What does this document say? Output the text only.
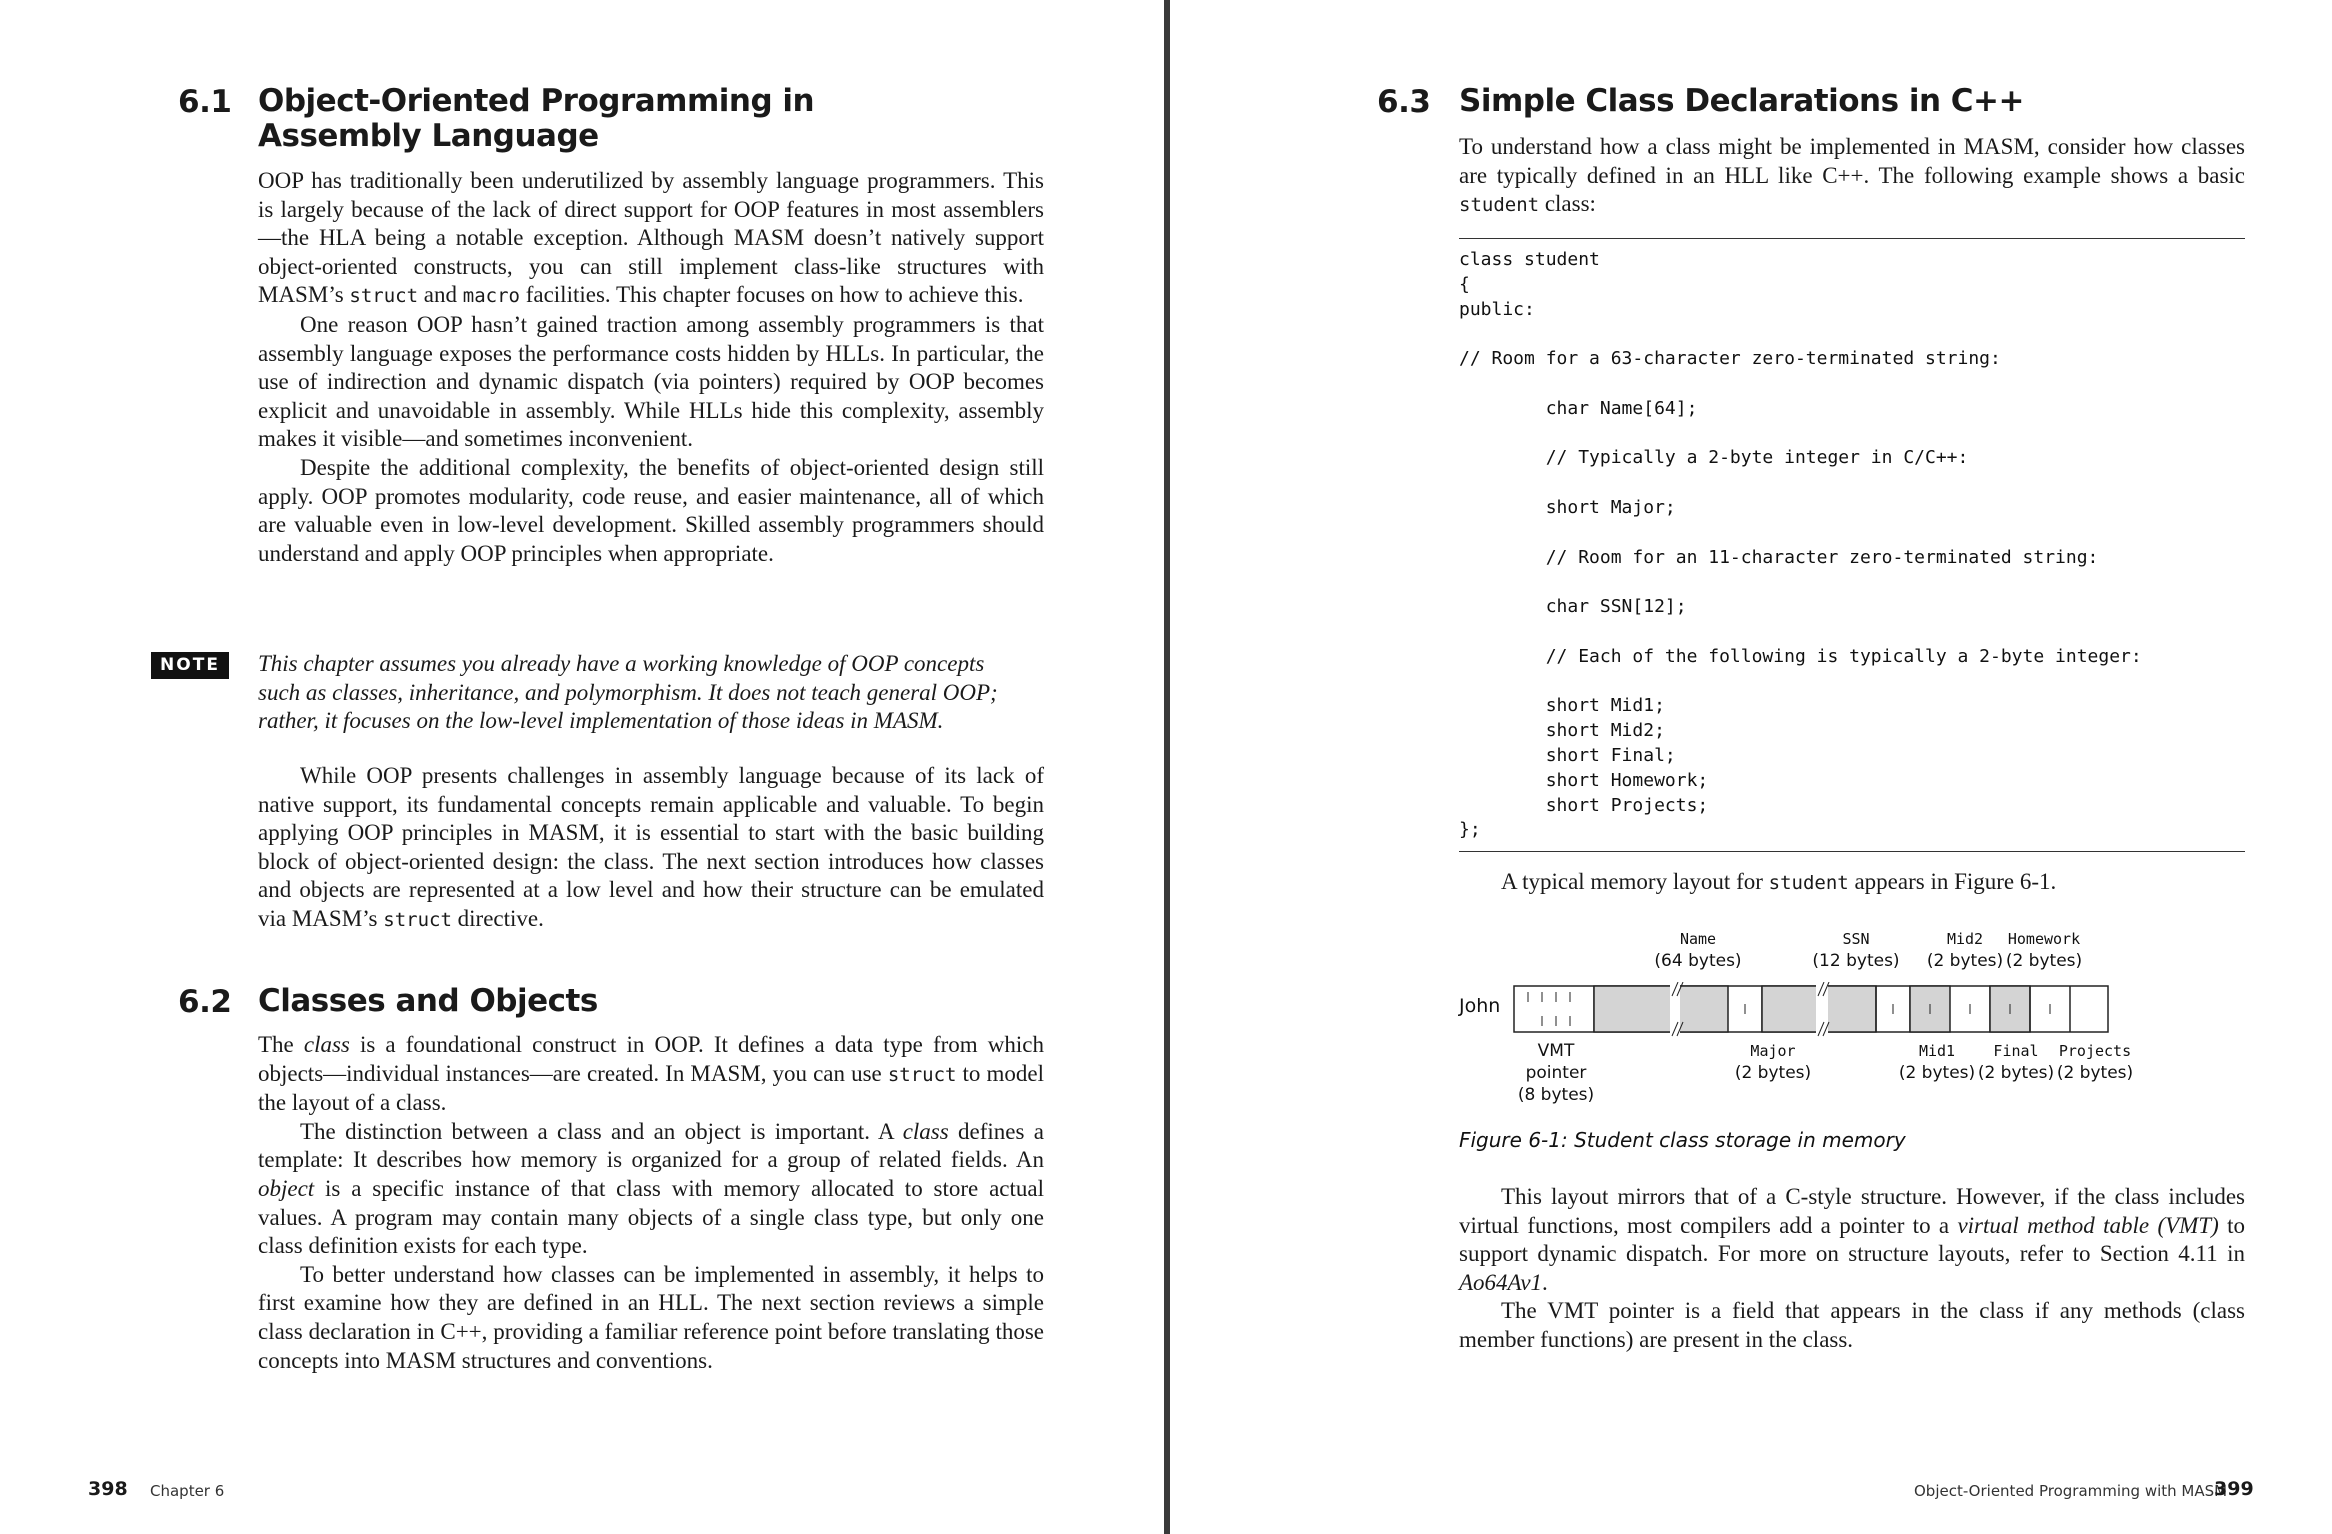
6.1 Object-Oriented Programming in
Assembly Language

OOP has traditionally been underutilized by assembly language programmers. This is largely because of the lack of direct support for OOP features in most assemblers—the HLA being a notable exception. Although MASM doesn’t natively support object-oriented constructs, you can still implement class-like structures with MASM’s struct and macro facilities. This chapter focuses on how to achieve this.

One reason OOP hasn’t gained traction among assembly programmers is that assembly language exposes the performance costs hidden by HLLs. In particular, the use of indirection and dynamic dispatch (via pointers) required by OOP becomes explicit and unavoidable in assembly. While HLLs hide this complexity, assembly makes it visible—and sometimes inconvenient.

Despite the additional complexity, the benefits of object-oriented design still apply. OOP promotes modularity, code reuse, and easier maintenance, all of which are valuable even in low-level development. Skilled assembly programmers should understand and apply OOP principles when appropriate.

NOTE	This chapter assumes you already have a working knowledge of OOP concepts such as classes, inheritance, and polymorphism. It does not teach general OOP; rather, it focuses on the low-level implementation of those ideas in MASM.

While OOP presents challenges in assembly language because of its lack of native support, its fundamental concepts remain applicable and valuable. To begin applying OOP principles in MASM, it is essential to start with the basic building block of object-oriented design: the class. The next section introduces how classes and objects are represented at a low level and how their structure can be emulated via MASM’s struct directive.

6.2 Classes and Objects

The class is a foundational construct in OOP. It defines a data type from which objects—individual instances—are created. In MASM, you can use struct to model the layout of a class.

The distinction between a class and an object is important. A class defines a template: It describes how memory is organized for a group of related fields. An object is a specific instance of that class with memory allocated to store actual values. A program may contain many objects of a single class type, but only one class definition exists for each type.

To better understand how classes can be implemented in assembly, it helps to first examine how they are defined in an HLL. The next section reviews a simple class declaration in C++, providing a familiar reference point before translating those concepts into MASM structures and conventions.

398 Chapter 6
6.3 Simple Class Declarations in C++

To understand how a class might be implemented in MASM, consider how classes are typically defined in an HLL like C++. The following example shows a basic student class:

class student
{
public:
// Room for a 63-character zero-terminated string:
char Name[64];
// Typically a 2-byte integer in C/C++:
short Major;
// Room for an 11-character zero-terminated string:
char SSN[12];
// Each of the following is typically a 2-byte integer:
short Mid1;
short Mid2;
short Final;
short Homework;
short Projects;
};

A typical memory layout for student appears in Figure 6-1.

John
Name
(64 bytes)
SSN
(12 bytes)
Mid2
(2 bytes)
Homework
(2 bytes)
VMT
pointer
(8 bytes)
Major
(2 bytes)
Mid1
(2 bytes)
Final
(2 bytes)
Projects
(2 bytes)
Figure 6-1: Student class storage in memory

This layout mirrors that of a C-style structure. However, if the class includes virtual functions, most compilers add a pointer to a virtual method table (VMT) to support dynamic dispatch. For more on structure layouts, refer to Section 4.11 in Ao64Av1.

The VMT pointer is a field that appears in the class if any methods (class member functions) are present in the class.

Object-Oriented Programming with MASM
399
